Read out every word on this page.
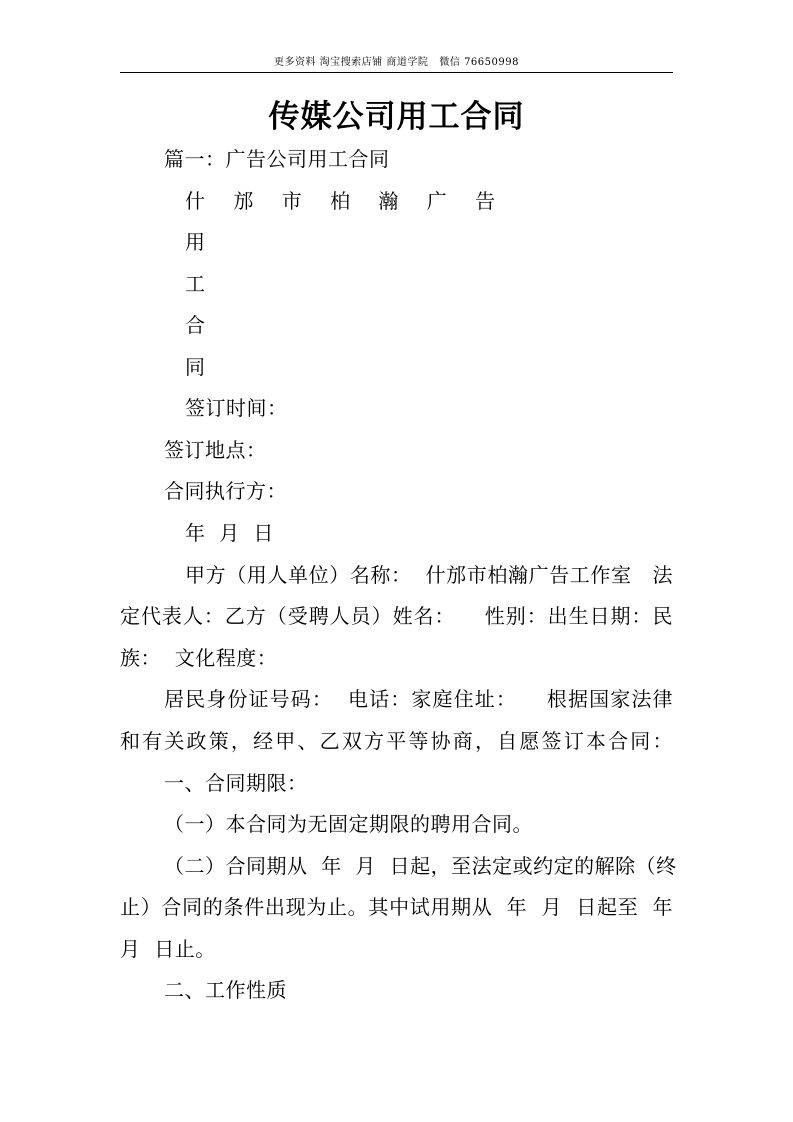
更多资料 淘宝搜索店铺 商道学院   微信 76650998
传媒公司用工合同
篇一：广告公司用工合同
什 邡 市 柏 瀚 广 告
用
工
合
同
签订时间：
签订地点：
合同执行方：
年  月  日
甲方（用人单位）名称：  什邡市柏瀚广告工作室   法
定代表人：乙方（受聘人员）姓名：    性别：出生日期：民
族：  文化程度：
居民身份证号码：  电话：家庭住址：    根据国家法律
和有关政策，经甲、乙双方平等协商，自愿签订本合同：
一、合同期限：
（一）本合同为无固定期限的聘用合同。
（二）合同期从  年  月  日起，至法定或约定的解除（终
止）合同的条件出现为止。其中试用期从  年  月  日起至  年
月  日止。
二、工作性质
